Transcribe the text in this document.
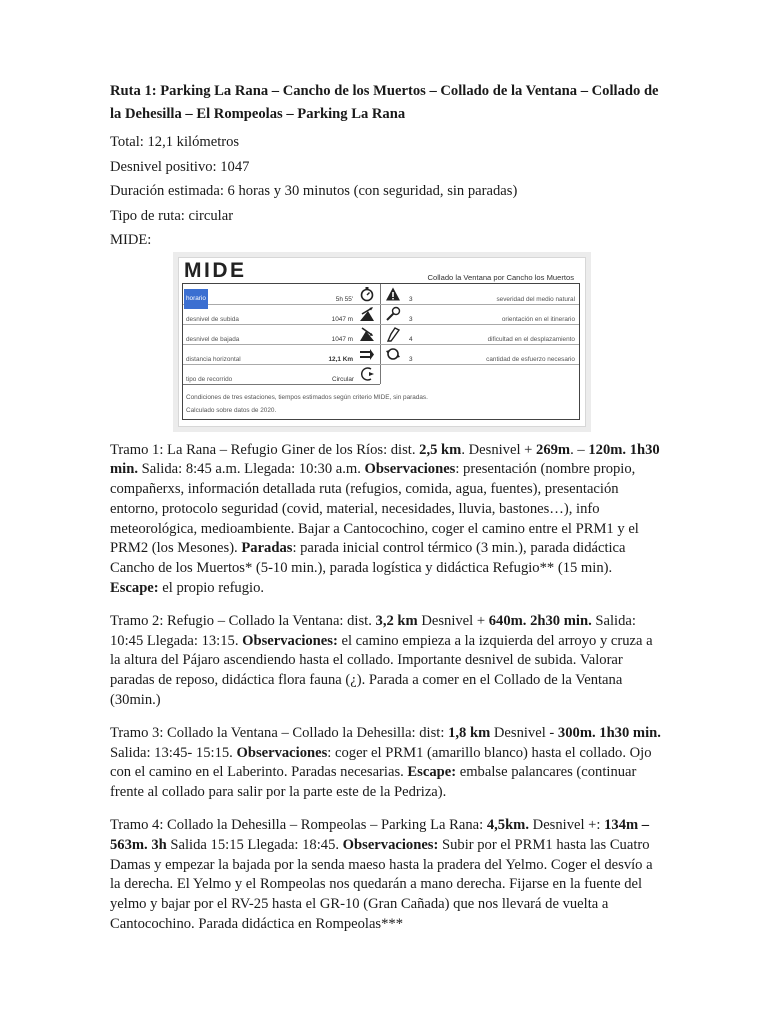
Ruta 1: Parking La Rana – Cancho de los Muertos – Collado de la Ventana – Collado de la Dehesilla – El Rompeolas – Parking La Rana

Total: 12,1 kilómetros

Desnivel positivo: 1047

Duración estimada: 6 horas y 30 minutos (con seguridad, sin paradas)

Tipo de ruta: circular

MIDE:

MIDE	Collado la Ventana por Cancho los Muertos
horario	5h 55'	3	severidad del medio natural
desnivel de subida	1047 m	3	orientación en el itinerario
desnivel de bajada	1047 m	4	dificultad en el desplazamiento
distancia horizontal	12,1 Km	3	cantidad de esfuerzo necesario
tipo de recorrido	Circular
Condiciones de tres estaciones, tiempos estimados según criterio MIDE, sin paradas.
Calculado sobre datos de 2020.

Tramo 1: La Rana – Refugio Giner de los Ríos: dist. 2,5 km. Desnivel + 269m. – 120m. 1h30 min. Salida: 8:45 a.m. Llegada: 10:30 a.m. Observaciones: presentación (nombre propio, compañerxs, información detallada ruta (refugios, comida, agua, fuentes), presentación entorno, protocolo seguridad (covid, material, necesidades, lluvia, bastones…), info meteorológica, medioambiente. Bajar a Cantocochino, coger el camino entre el PRM1 y el PRM2 (los Mesones). Paradas: parada inicial control térmico (3 min.), parada didáctica Cancho de los Muertos* (5-10 min.), parada logística y didáctica Refugio** (15 min). Escape: el propio refugio.

Tramo 2: Refugio – Collado la Ventana: dist. 3,2 km Desnivel + 640m. 2h30 min. Salida: 10:45 Llegada: 13:15. Observaciones: el camino empieza a la izquierda del arroyo y cruza a la altura del Pájaro ascendiendo hasta el collado. Importante desnivel de subida. Valorar paradas de reposo, didáctica flora fauna (¿). Parada a comer en el Collado de la Ventana (30min.)

Tramo 3: Collado la Ventana – Collado la Dehesilla: dist: 1,8 km Desnivel - 300m. 1h30 min. Salida: 13:45- 15:15. Observaciones: coger el PRM1 (amarillo blanco) hasta el collado. Ojo con el camino en el Laberinto. Paradas necesarias. Escape: embalse palancares (continuar frente al collado para salir por la parte este de la Pedriza).

Tramo 4: Collado la Dehesilla – Rompeolas – Parking La Rana: 4,5km. Desnivel +: 134m – 563m. 3h Salida 15:15 Llegada: 18:45. Observaciones: Subir por el PRM1 hasta las Cuatro Damas y empezar la bajada por la senda maeso hasta la pradera del Yelmo. Coger el desvío a la derecha. El Yelmo y el Rompeolas nos quedarán a mano derecha. Fijarse en la fuente del yelmo y bajar por el RV-25 hasta el GR-10 (Gran Cañada) que nos llevará de vuelta a Cantocochino. Parada didáctica en Rompeolas***
